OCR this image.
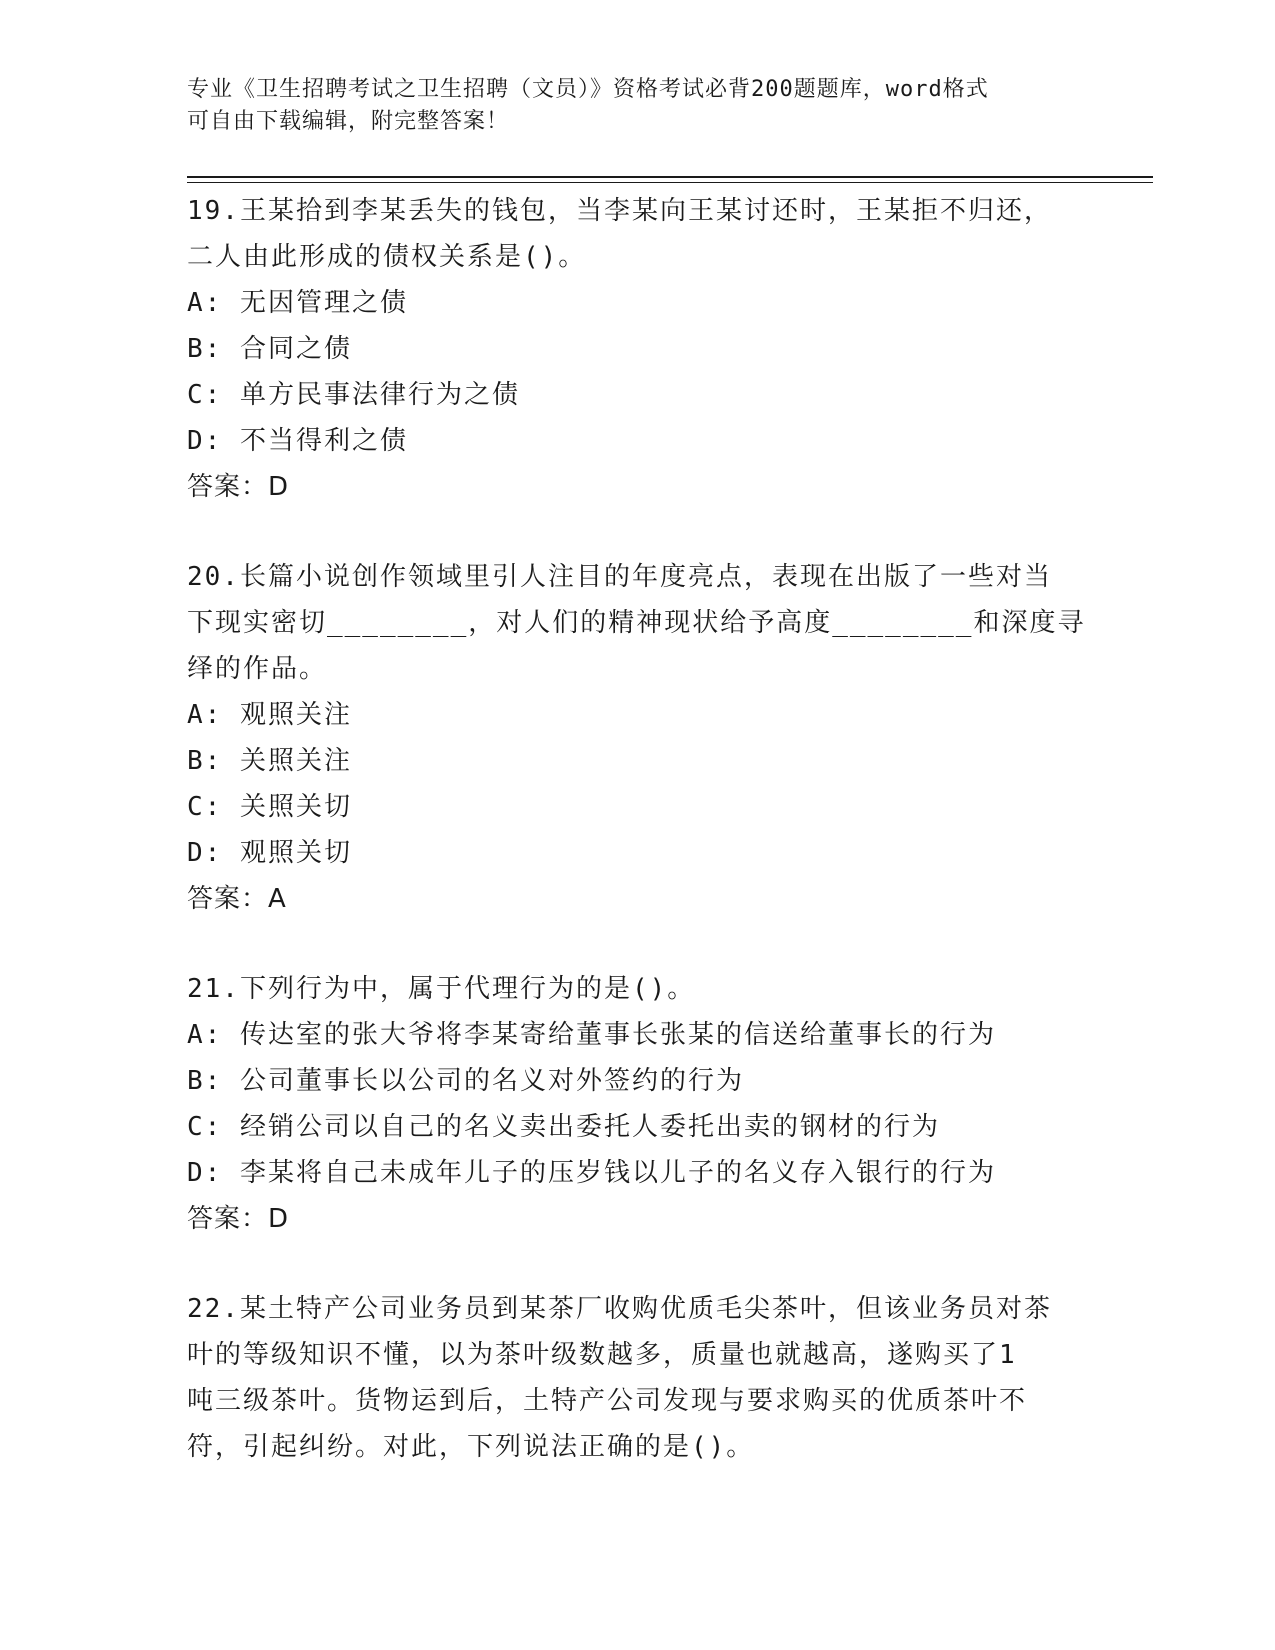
专业《卫生招聘考试之卫生招聘（文员）》资格考试必背200题题库，word格式
可自由下载编辑，附完整答案！
19.王某拾到李某丢失的钱包，当李某向王某讨还时，王某拒不归还，
二人由此形成的债权关系是()。
A: 无因管理之债
B: 合同之债
C: 单方民事法律行为之债
D: 不当得利之债
答案：D
20.长篇小说创作领域里引人注目的年度亮点，表现在出版了一些对当
下现实密切________，对人们的精神现状给予高度________和深度寻
绎的作品。
A: 观照关注
B: 关照关注
C: 关照关切
D: 观照关切
答案：A
21.下列行为中，属于代理行为的是()。
A: 传达室的张大爷将李某寄给董事长张某的信送给董事长的行为
B: 公司董事长以公司的名义对外签约的行为
C: 经销公司以自己的名义卖出委托人委托出卖的钢材的行为
D: 李某将自己未成年儿子的压岁钱以儿子的名义存入银行的行为
答案：D
22.某土特产公司业务员到某茶厂收购优质毛尖茶叶，但该业务员对茶
叶的等级知识不懂，以为茶叶级数越多，质量也就越高，遂购买了1
吨三级茶叶。货物运到后，土特产公司发现与要求购买的优质茶叶不
符，引起纠纷。对此，下列说法正确的是()。
